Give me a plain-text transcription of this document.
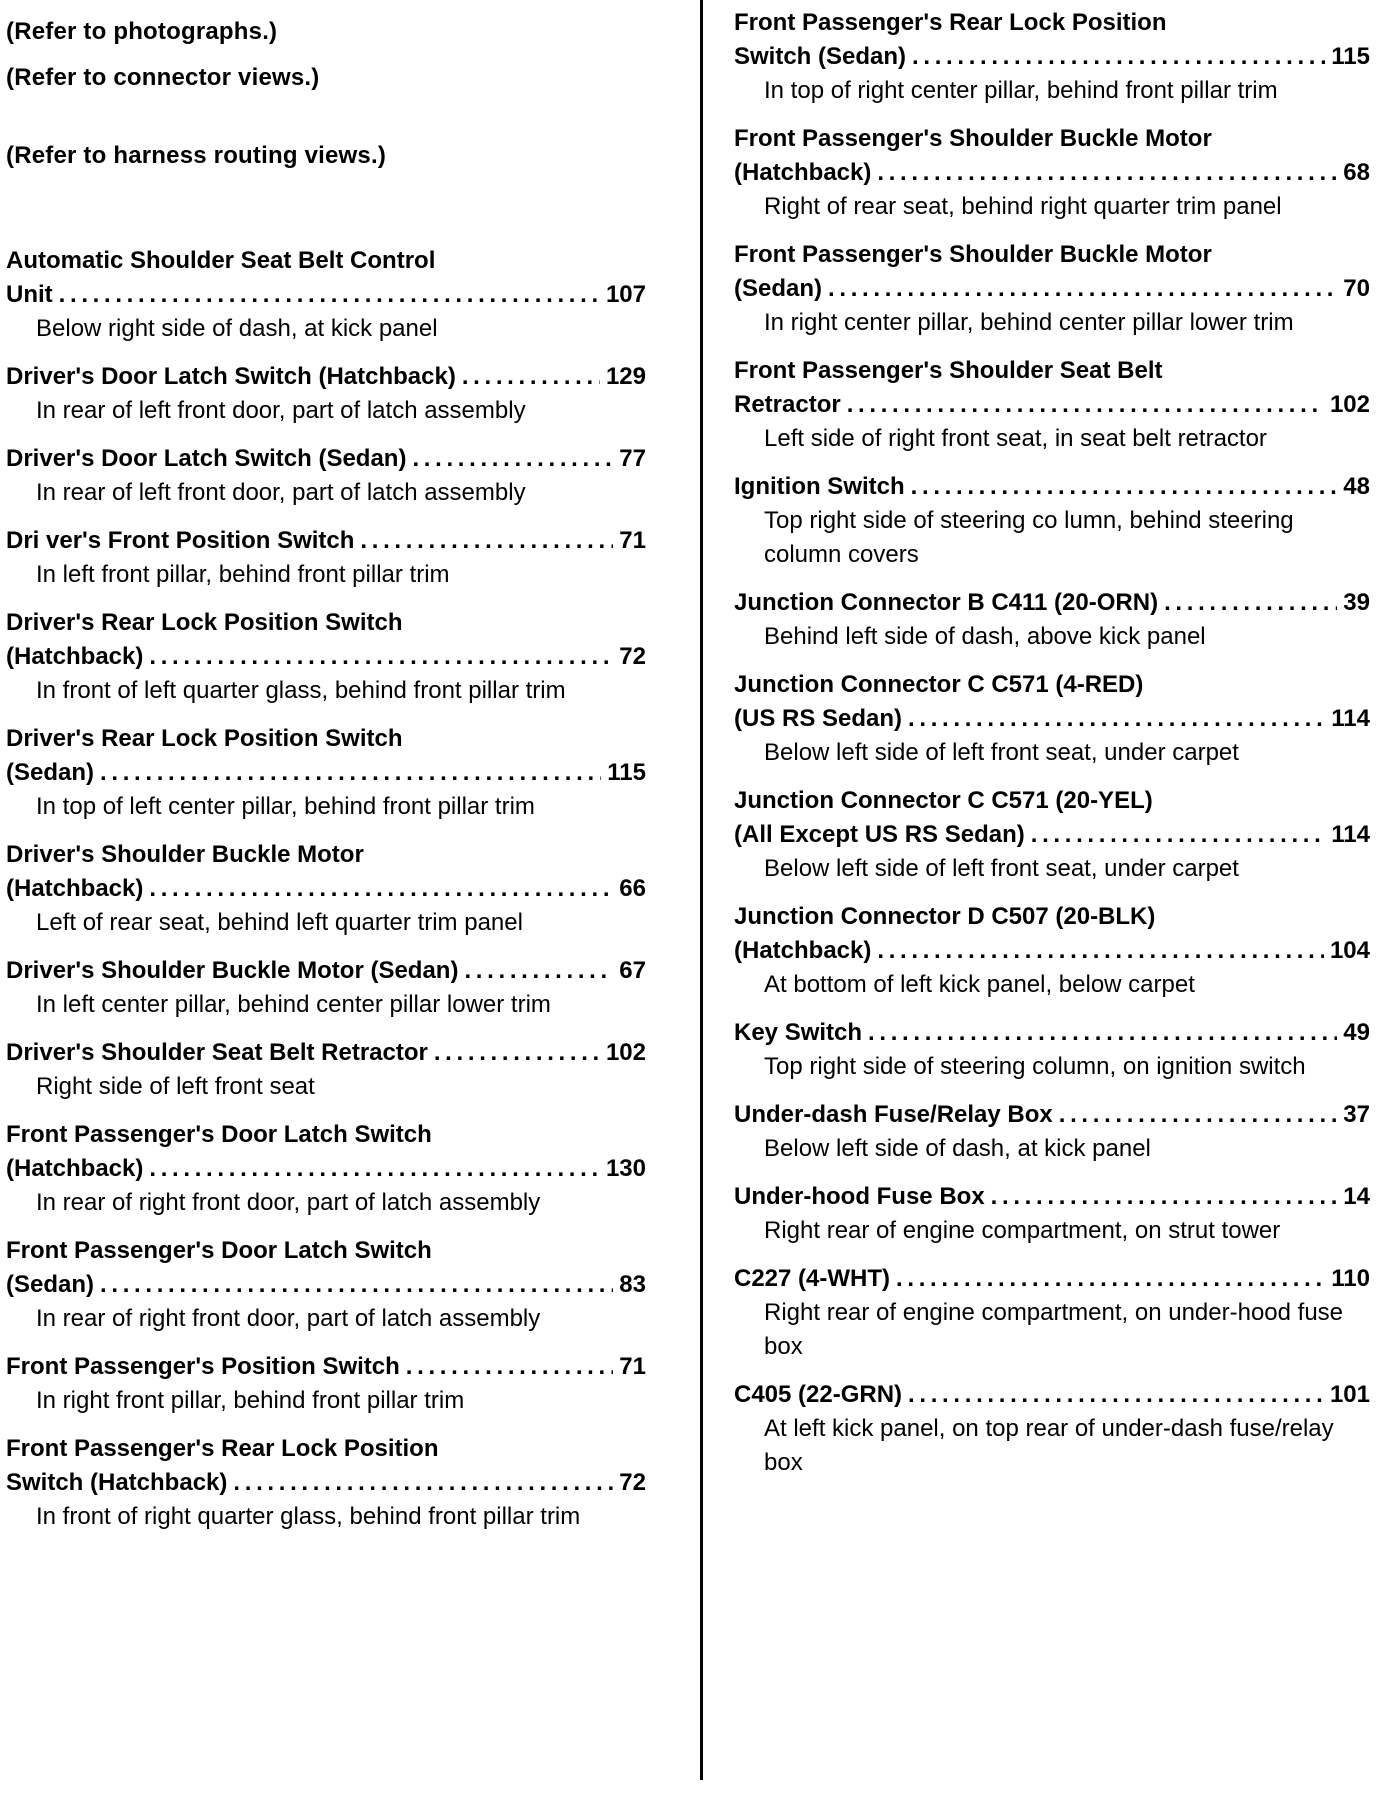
(Refer to photographs.)
(Refer to connector views.)
(Refer to harness routing views.)
Automatic Shoulder Seat Belt Control
Unit . . .	107
Below right side of dash, at kick panel
Driver's Door Latch Switch (Hatchback) . . .	129
In rear of left front door, part of latch assembly
Driver's Door Latch Switch (Sedan) . . .	77
In rear of left front door, part of latch assembly
Dri ver's Front Position Switch . . .	71
In left front pillar, behind front pillar trim
Driver's Rear Lock Position Switch
(Hatchback) . . .	72
In front of left quarter glass, behind front pillar trim
Driver's Rear Lock Position Switch
(Sedan) . . .	115
In top of left center pillar, behind front pillar trim
Driver's Shoulder Buckle Motor
(Hatchback) . . .	66
Left of rear seat, behind left quarter trim panel
Driver's Shoulder Buckle Motor (Sedan) . . .	67
In left center pillar, behind center pillar lower trim
Driver's Shoulder Seat Belt Retractor . . .	102
Right side of left front seat
Front Passenger's Door Latch Switch
(Hatchback) . . .	130
In rear of right front door, part of latch assembly
Front Passenger's Door Latch Switch
(Sedan) . . .	83
In rear of right front door, part of latch assembly
Front Passenger's Position Switch . . .	71
In right front pillar, behind front pillar trim
Front Passenger's Rear Lock Position
Switch (Hatchback) . . .	72
In front of right quarter glass, behind front pillar trim
Front Passenger's Rear Lock Position
Switch (Sedan) . . .	115
In top of right center pillar, behind front pillar trim
Front Passenger's Shoulder Buckle Motor
(Hatchback) . . .	68
Right of rear seat, behind right quarter trim panel
Front Passenger's Shoulder Buckle Motor
(Sedan) . . .	70
In right center pillar, behind center pillar lower trim
Front Passenger's Shoulder Seat Belt
Retractor . . .	102
Left side of right front seat, in seat belt retractor
Ignition Switch . . .	48
Top right side of steering co lumn, behind steering column covers
Junction Connector B C411 (20-ORN) . . .	39
Behind left side of dash, above kick panel
Junction Connector C C571 (4-RED)
(US RS Sedan) . . .	114
Below left side of left front seat, under carpet
Junction Connector C C571 (20-YEL)
(All Except US RS Sedan) . . .	114
Below left side of left front seat, under carpet
Junction Connector D C507 (20-BLK)
(Hatchback) . . .	104
At bottom of left kick panel, below carpet
Key Switch . . .	49
Top right side of steering column, on ignition switch
Under-dash Fuse/Relay Box . . .	37
Below left side of dash, at kick panel
Under-hood Fuse Box . . .	14
Right rear of engine compartment, on strut tower
C227 (4-WHT) . . .	110
Right rear of engine compartment, on under-hood fuse box
C405 (22-GRN) . . .	101
At left kick panel, on top rear of under-dash fuse/relay box
